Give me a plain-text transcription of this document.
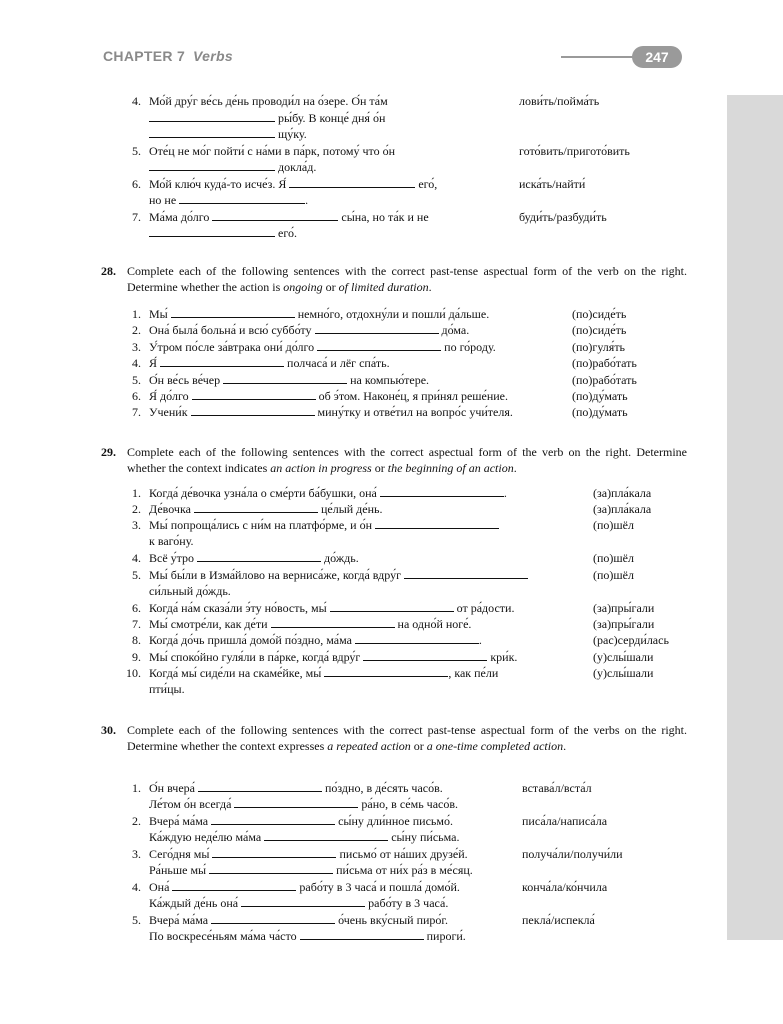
CHAPTER 7 Verbs	247
4. Мо́й дру́г ве́сь де́нь проводи́л на о́зере. О́н та́м	лови́ть/пойма́ть
ры́бу. В конце́ дня́ о́н
щу́ку.
5. Оте́ц не мо́г пойти́ с на́ми в па́рк, потому́ что о́н	гото́вить/пригото́вить
докла́д.
6. Мо́й клю́ч куда́-то исче́з. Я́	его́,	иска́ть/найти́
но не	.
7. Ма́ма до́лго	сы́на, но та́к и не	буди́ть/разбуди́ть
его́.
28. Complete each of the following sentences with the correct past-tense aspectual form of the verb on the right. Determine whether the action is ongoing or of limited duration.
1. Мы́	немно́го, отдохну́ли и пошли́ да́льше.	(по)сиде́ть
2. Она́ была́ больна́ и всю́ суббо́ту	до́ма.	(по)сиде́ть
3. У́тром по́сле за́втрака они́ до́лго	по го́роду.	(по)гуля́ть
4. Я́	полчаса́ и лёг спа́ть.	(по)рабо́тать
5. О́н ве́сь ве́чер	на компью́тере.	(по)рабо́тать
6. Я́ до́лго	об э́том. Наконе́ц, я при́нял реше́ние.	(по)ду́мать
7. Учени́к	мину́тку и отве́тил на вопро́с учи́теля.	(по)ду́мать
29. Complete each of the following sentences with the correct aspectual form of the verb on the right. Determine whether the context indicates an action in progress or the beginning of an action.
1. Когда́ де́вочка узна́ла о сме́рти ба́бушки, она́	.	(за)пла́кала
2. Де́вочка	це́лый де́нь.	(за)пла́кала
3. Мы́ попроща́лись с ни́м на платфо́рме, и о́н	(по)шёл
к ваго́ну.
4. Всё у́тро	до́ждь.	(по)шёл
5. Мы́ бы́ли в Изма́йлово на верниса́же, когда́ вдру́г	(по)шёл
си́льный до́ждь.
6. Когда́ на́м сказа́ли э́ту но́вость, мы́	от ра́дости.	(за)пры́гали
7. Мы́ смотре́ли, как де́ти	на одно́й ноге́.	(за)пры́гали
8. Когда́ до́чь пришла́ домо́й по́здно, ма́ма	.	(рас)серди́лась
9. Мы́ споко́йно гуля́ли в па́рке, когда́ вдру́г	кри́к.	(у)слы́шали
10. Когда́ мы́ сиде́ли на скаме́йке, мы́	, как пе́ли	(у)слы́шали
пти́цы.
30. Complete each of the following sentences with the correct past-tense aspectual form of the verbs on the right. Determine whether the context expresses a repeated action or a one-time completed action.
1. О́н вчера́	по́здно, в де́сять часо́в.	встава́л/вста́л
Ле́том о́н всегда́	ра́но, в се́мь часо́в.
2. Вчера́ ма́ма	сы́ну дли́нное письмо́.	писа́ла/написа́ла
Ка́ждую неде́лю ма́ма	сы́ну пи́сьма.
3. Сего́дня мы́	письмо́ от на́ших друзе́й.	получа́ли/получи́ли
Ра́ньше мы́	пи́сьма от ни́х ра́з в ме́сяц.
4. Она́	рабо́ту в 3 часа́ и пошла́ домо́й.	конча́ла/ко́нчила
Ка́ждый де́нь она́	рабо́ту в 3 часа́.
5. Вчера́ ма́ма	о́чень вку́сный пиро́г.	пекла́/испекла́
По воскресе́ньям ма́ма ча́сто	пироги́.
